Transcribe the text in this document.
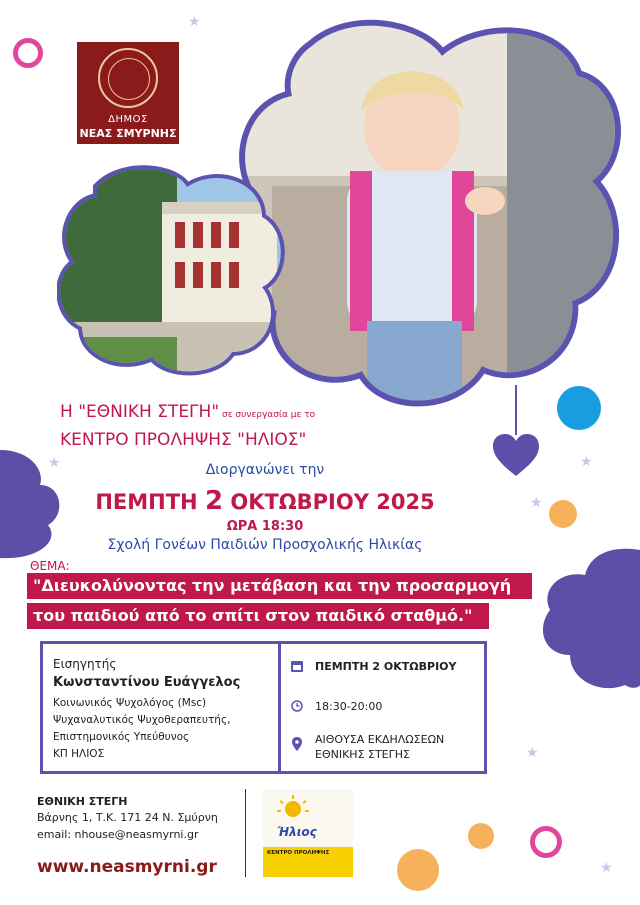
★
★	★
★
★
★
ΔΗΜΟΣ
ΝΕΑΣ ΣΜΥΡΝΗΣ
Η "ΕΘΝΙΚΗ ΣΤΕΓΗ" σε συνεργασία με το
ΚΕΝΤΡΟ ΠΡΟΛΗΨΗΣ "ΗΛΙΟΣ"
Διοργανώνει την
ΠΕΜΠΤΗ 2 ΟΚΤΩΒΡΙΟΥ 2025
ΩΡΑ 18:30
Σχολή Γονέων Παιδιών Προσχολικής Ηλικίας
ΘΕΜΑ:
"Διευκολύνοντας την μετάβαση και την προσαρμογή
του παιδιού από το σπίτι στον παιδικό σταθμό."
Εισηγητής
Κωνσταντίνου Ευάγγελος
Κοινωνικός Ψυχολόγος (Msc)
Ψυχαναλυτικός Ψυχοθεραπευτής,
Επιστημονικός Υπεύθυνος
ΚΠ ΗΛΙΟΣ
ΠΕΜΠΤΗ 2 ΟΚΤΩΒΡΙΟΥ
18:30-20:00
ΑΙΘΟΥΣΑ ΕΚΔΗΛΩΣΕΩΝ
ΕΘΝΙΚΗΣ ΣΤΕΓΗΣ
ΕΘΝΙΚΗ ΣΤΕΓΗ
Βάρνης 1, Τ.Κ. 171 24 Ν. Σμύρνη
email: nhouse@neasmyrni.gr
www.neasmyrni.gr
Ήλιος
ΚΕΝΤΡΟ ΠΡΟΛΗΨΗΣ
